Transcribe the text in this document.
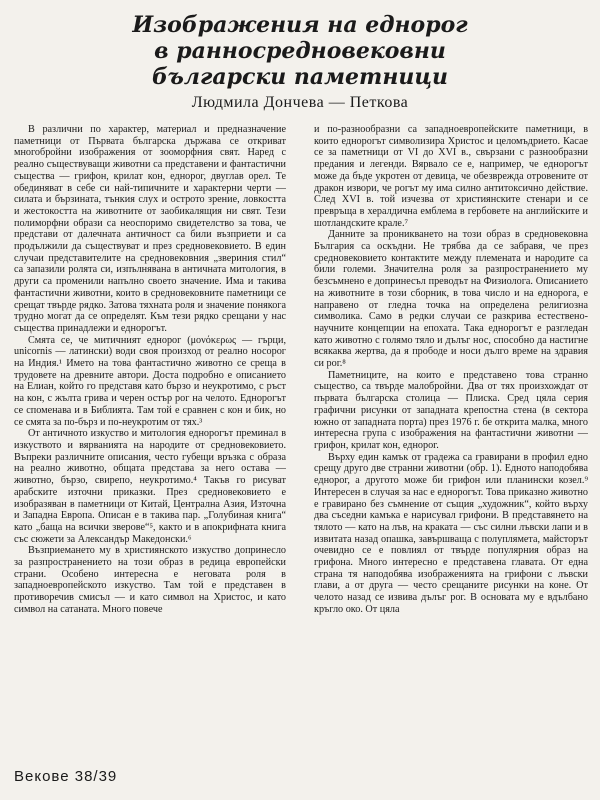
Изображения на еднорог
в ранносредновековни
български паметници
Людмила Дончева — Петкова

В различни по характер, материал и предназначение паметници от Първата българска държава се откриват многобройни изображения от зооморфния свят. Наред с реално съществуващи животни са представени и фантастични същества — грифон, крилат кон, еднорог, двуглав орел. Те обединяват в себе си най-типичните и характерни черти — силата и бързината, тънкия слух и острото зрение, ловкостта и жестокостта на животните от заобикалящия ни свят. Тези полиморфни образи са неоспоримо свидетелство за това, че представи от далечната античност са били възприети и са продължили да съществуват и през средновековието. В един случаи представителите на средновековния „звериния стил“ са запазили ролята си, изпълнявана в античната митология, в други са променили напълно своето значение. Има и такива фантастични животни, които в средновековните паметници се срещат твърде рядко. Затова тяхната роля и значение понякога трудно могат да се определят. Към тези рядко срещани у нас същества принадлежи и еднорогът.

Смята се, че митичният еднорог (μονόκερως — гърци, unicornis — латински) води своя произход от реално носорог на Индия.¹ Името на това фантастично животно се среща в трудовете на древните автори. Доста подробно е описанието на Елиан, който го представя като бързо и неукротимо, с ръст на кон, с жълта грива и черен остър рог на челото. Еднорогът се споменава и в Библията. Там той е сравнен с кон и бик, но се смята за по-бърз и по-неукротим от тях.³

От античното изкуство и митология еднорогът преминал в изкуството и вярванията на народите от средновековието. Въпреки различните описания, често губещи връзка с образа на реално животно, общата представа за него остава — животно, бързо, свирепо, неукротимо.⁴ Такъв го рисуват арабските източни приказки. През средновековието е изобразяван в паметници от Китай, Централна Азия, Източна и Западна Европа. Описан е в такива пар. „Голубиная книга“ като „баща на всички зверове“⁵, както и в апокрифната книга със сюжети за Александър Македонски.⁶

Възприемането му в християнското изкуство допринесло за разпространението на този образ в редица европейски страни. Особено интересна е неговата роля в западноевропейското изкуство. Там той е представен в противоречив смисъл — и като символ на Христос, и като символ на сатаната. Много повече

и по-разнообразни са западноевропейските паметници, в които еднорогът символизира Христос и целомъдрието. Касае се за паметници от VI до XVI в., свързани с разнообразни предания и легенди. Вярвало се е, например, че еднорогът може да бъде укротен от девица, че обезврежда отровените от дракон извори, че рогът му има силно антитоксично действие. След XVI в. той изчезва от християнските стенари и се превръща в хералдична емблема в гербовете на английските и шотландските крале.⁷

Данните за проникването на този образ в средновековна България са оскъдни. Не трябва да се забравя, че през средновековието контактите между племената и народите са били големи. Значителна роля за разпространението му безсъмнено е допринесъл преводът на Физиолога. Описанието на животните в този сборник, в това число и на еднорога, е направено от гледна точка на определена религиозна символика. Само в редки случаи се разкрива естествено-научните концепции на епохата. Така еднорогът е разгледан като животно с голямо тяло и дълъг нос, способно да настигне всякаква жертва, да я прободе и носи дълго време на здравия си рог.⁸

Паметниците, на които е представено това странно същество, са твърде малобройни. Два от тях произхождат от първата българска столица — Плиска. Сред цяла серия графични рисунки от западната крепостна стена (в сектора южно от западната порта) през 1976 г. бе открита малка, много интересна група с изображения на фантастични животни — грифон, крилат кон, еднорог.

Върху един камък от градежа са гравирани в профил едно срещу друго две странни животни (обр. 1). Едното наподобява еднорог, а другото може би грифон или планински козел.⁹ Интересен в случая за нас е еднорогът. Това приказно животно е гравирано без съмнение от същия „художник“, който върху два съседни камъка е нарисувал грифони. В представянето на тялото — като на лъв, на краката — със силни лъвски лапи и в извитата назад опашка, завършваща с полуплямета, майсторът очевидно се е повлиял от твърде популярния образ на грифона. Много интересно е представена главата. От една страна тя наподобява изображенията на грифони с лъвски глави, а от друга — често срещаните рисунки на коне. От челото назад се извива дълъг рог. В основата му е вдълбано кръгло око. От цяла

Векове 38/39
